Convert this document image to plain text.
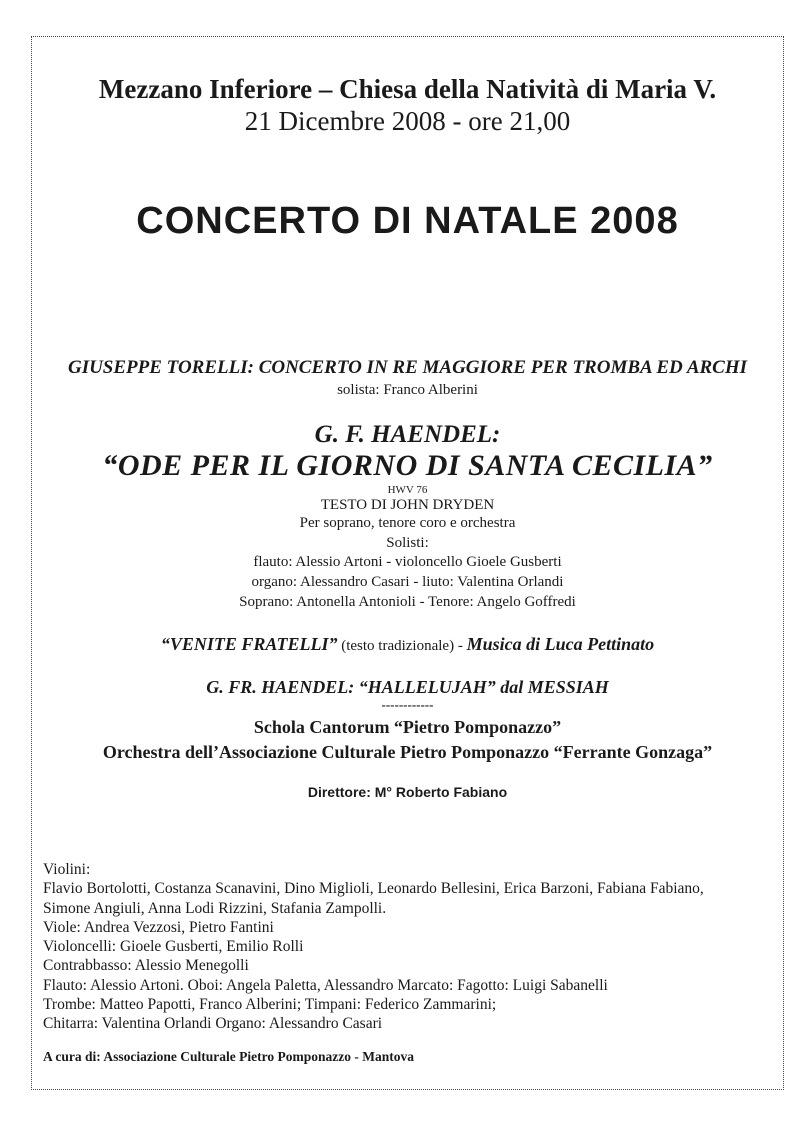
Mezzano Inferiore – Chiesa della Natività di Maria V.
21 Dicembre 2008 - ore 21,00
CONCERTO DI NATALE 2008
GIUSEPPE TORELLI: CONCERTO IN RE MAGGIORE PER TROMBA ED ARCHI
solista: Franco Alberini
G. F. HAENDEL:
“ODE PER IL GIORNO DI SANTA CECILIA”
HWV 76
TESTO DI JOHN DRYDEN
Per soprano, tenore coro e orchestra
Solisti:
flauto: Alessio Artoni - violoncello Gioele Gusberti
organo: Alessandro Casari - liuto: Valentina Orlandi
Soprano: Antonella Antonioli - Tenore: Angelo Goffredi
“VENITE FRATELLI” (testo tradizionale) - Musica di Luca Pettinato
G. FR. HAENDEL: “HALLELUJAH” dal MESSIAH
------------
Schola Cantorum “Pietro Pomponazzo”
Orchestra dell’Associazione Culturale Pietro Pomponazzo “Ferrante Gonzaga”
Direttore: M° Roberto Fabiano
Violini:
Flavio Bortolotti, Costanza Scanavini, Dino Miglioli, Leonardo Bellesini, Erica Barzoni, Fabiana Fabiano,
Simone Angiuli, Anna Lodi Rizzini, Stafania Zampolli.
Viole: Andrea Vezzosi, Pietro Fantini
Violoncelli: Gioele Gusberti, Emilio Rolli
Contrabbasso: Alessio Menegolli
Flauto: Alessio Artoni. Oboi: Angela Paletta, Alessandro Marcato: Fagotto: Luigi Sabanelli
Trombe: Matteo Papotti, Franco Alberini; Timpani: Federico Zammarini;
Chitarra: Valentina Orlandi Organo: Alessandro Casari
A cura di: Associazione Culturale Pietro Pomponazzo - Mantova
